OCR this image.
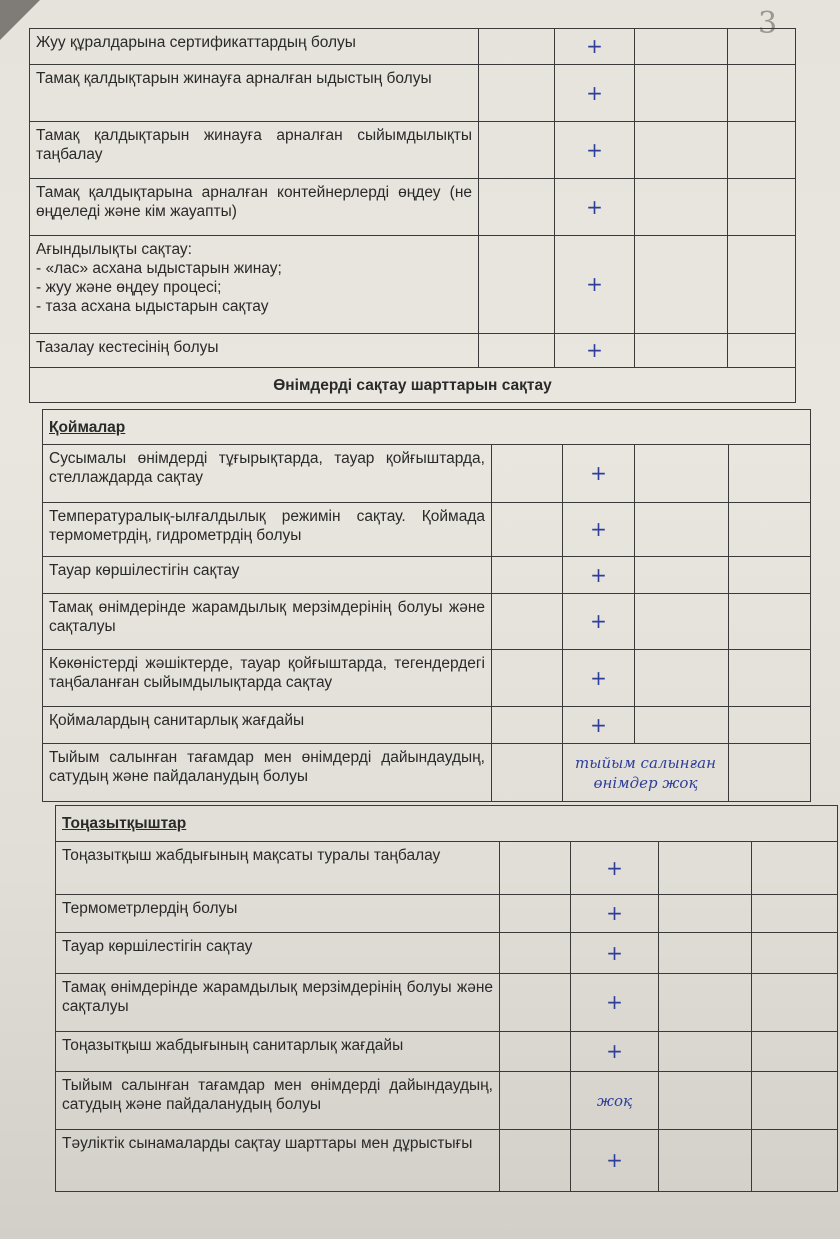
3
Жуу құралдарына сертификаттардың болуы		+		

Тамақ қалдықтарын жинауға арналған ыдыстың болуы		+		

Тамақ қалдықтарын жинауға арналған сыйымдылықты таңбалау		+		

Тамақ қалдықтарына арналған контейнерлерді өңдеу (не өңделеді және кім жауапты)		+		

Ағындылықты сақтау:
- «лас» асхана ыдыстарын жинау;
- жуу және өңдеу процесі;
- таза асхана ыдыстарын сақтау		+		

Тазалау кестесінің болуы		+		

Өнімдерді сақтау шарттарын сақтау				
Қоймалар				
Сусымалы өнімдерді тұғырықтарда, тауар қойғыштарда, стеллаждарда сақтау		+		

Температуралық-ылғалдылық режимін сақтау. Қоймада термометрдің, гидрометрдің болуы		+		

Тауар көршілестігін сақтау		+		

Тамақ өнімдерінде жарамдылық мерзімдерінің болуы және сақталуы		+		

Көкөністерді жәшіктерде, тауар қойғыштарда, тегендердегі таңбаланған сыйымдылықтарда сақтау		+		

Қоймалардың санитарлық жағдайы		+		

Тыйым салынған тағамдар мен өнімдерді дайындаудың, сатудың және пайдаланудың болуы		тыйым салынған өнімдер жоқ		

Тоңазытқыштар				
Тоңазытқыш жабдығының мақсаты туралы таңбалау		+		

Термометрлердің болуы		+		

Тауар көршілестігін сақтау		+		

Тамақ өнімдерінде жарамдылық мерзімдерінің болуы және сақталуы		+		

Тоңазытқыш жабдығының санитарлық жағдайы		+		

Тыйым салынған тағамдар мен өнімдерді дайындаудың, сатудың және пайдаланудың болуы		жоқ		

Тәуліктік сынамаларды сақтау шарттары мен дұрыстығы		+		
